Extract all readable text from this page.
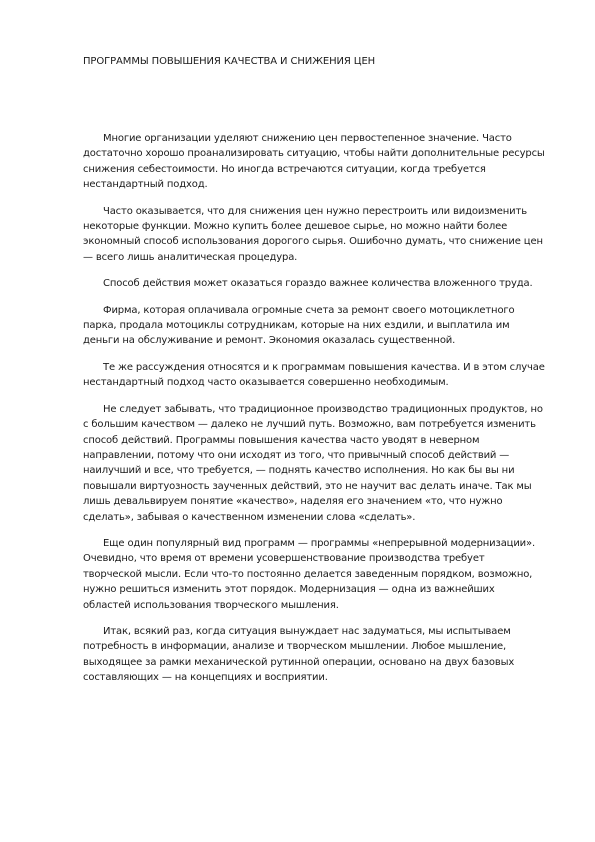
ПРОГРАММЫ ПОВЫШЕНИЯ КАЧЕСТВА И СНИЖЕНИЯ ЦЕН

Многие организации уделяют снижению цен первостепенное значение. Часто достаточно хорошо проанализировать ситуацию, чтобы найти дополнительные ресурсы снижения себестоимости. Но иногда встречаются ситуации, когда требуется нестандартный подход.

Часто оказывается, что для снижения цен нужно перестроить или видоизменить некоторые функции. Можно купить более дешевое сырье, но можно найти более экономный способ использования дорогого сырья. Ошибочно думать, что снижение цен — всего лишь аналитическая процедура.

Способ действия может оказаться гораздо важнее количества вложенного труда.

Фирма, которая оплачивала огромные счета за ремонт своего мотоциклетного парка, продала мотоциклы сотрудникам, которые на них ездили, и выплатила им деньги на обслуживание и ремонт. Экономия оказалась существенной.

Те же рассуждения относятся и к программам повышения качества. И в этом случае нестандартный подход часто оказывается совершенно необходимым.

Не следует забывать, что традиционное производство традиционных продуктов, но с большим качеством — далеко не лучший путь. Возможно, вам потребуется изменить способ действий. Программы повышения качества часто уводят в неверном направлении, потому что они исходят из того, что привычный способ действий — наилучший и все, что требуется, — поднять качество исполнения. Но как бы вы ни повышали виртуозность заученных действий, это не научит вас делать иначе. Так мы лишь девальвируем понятие «качество», наделяя его значением «то, что нужно сделать», забывая о качественном изменении слова «сделать».

Еще один популярный вид программ — программы «непрерывной модернизации». Очевидно, что время от времени усовершенствование производства требует творческой мысли. Если что-то постоянно делается заведенным порядком, возможно, нужно решиться изменить этот порядок. Модернизация — одна из важнейших областей использования творческого мышления.

Итак, всякий раз, когда ситуация вынуждает нас задуматься, мы испытываем потребность в информации, анализе и творческом мышлении. Любое мышление, выходящее за рамки механической рутинной операции, основано на двух базовых составляющих — на концепциях и восприятии.
